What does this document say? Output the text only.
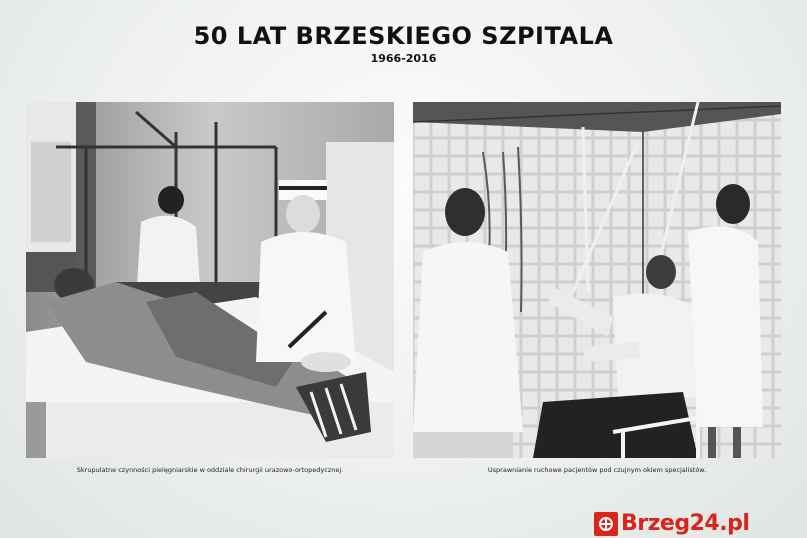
50 LAT BRZESKIEGO SZPITALA
1966-2016
Skrupulatne czynności pielęgniarskie w oddziale chirurgii urazowo-ortopedycznej.	Usprawnianie ruchowe pacjentów pod czujnym okiem specjalistów.
Brzeg24.pl
